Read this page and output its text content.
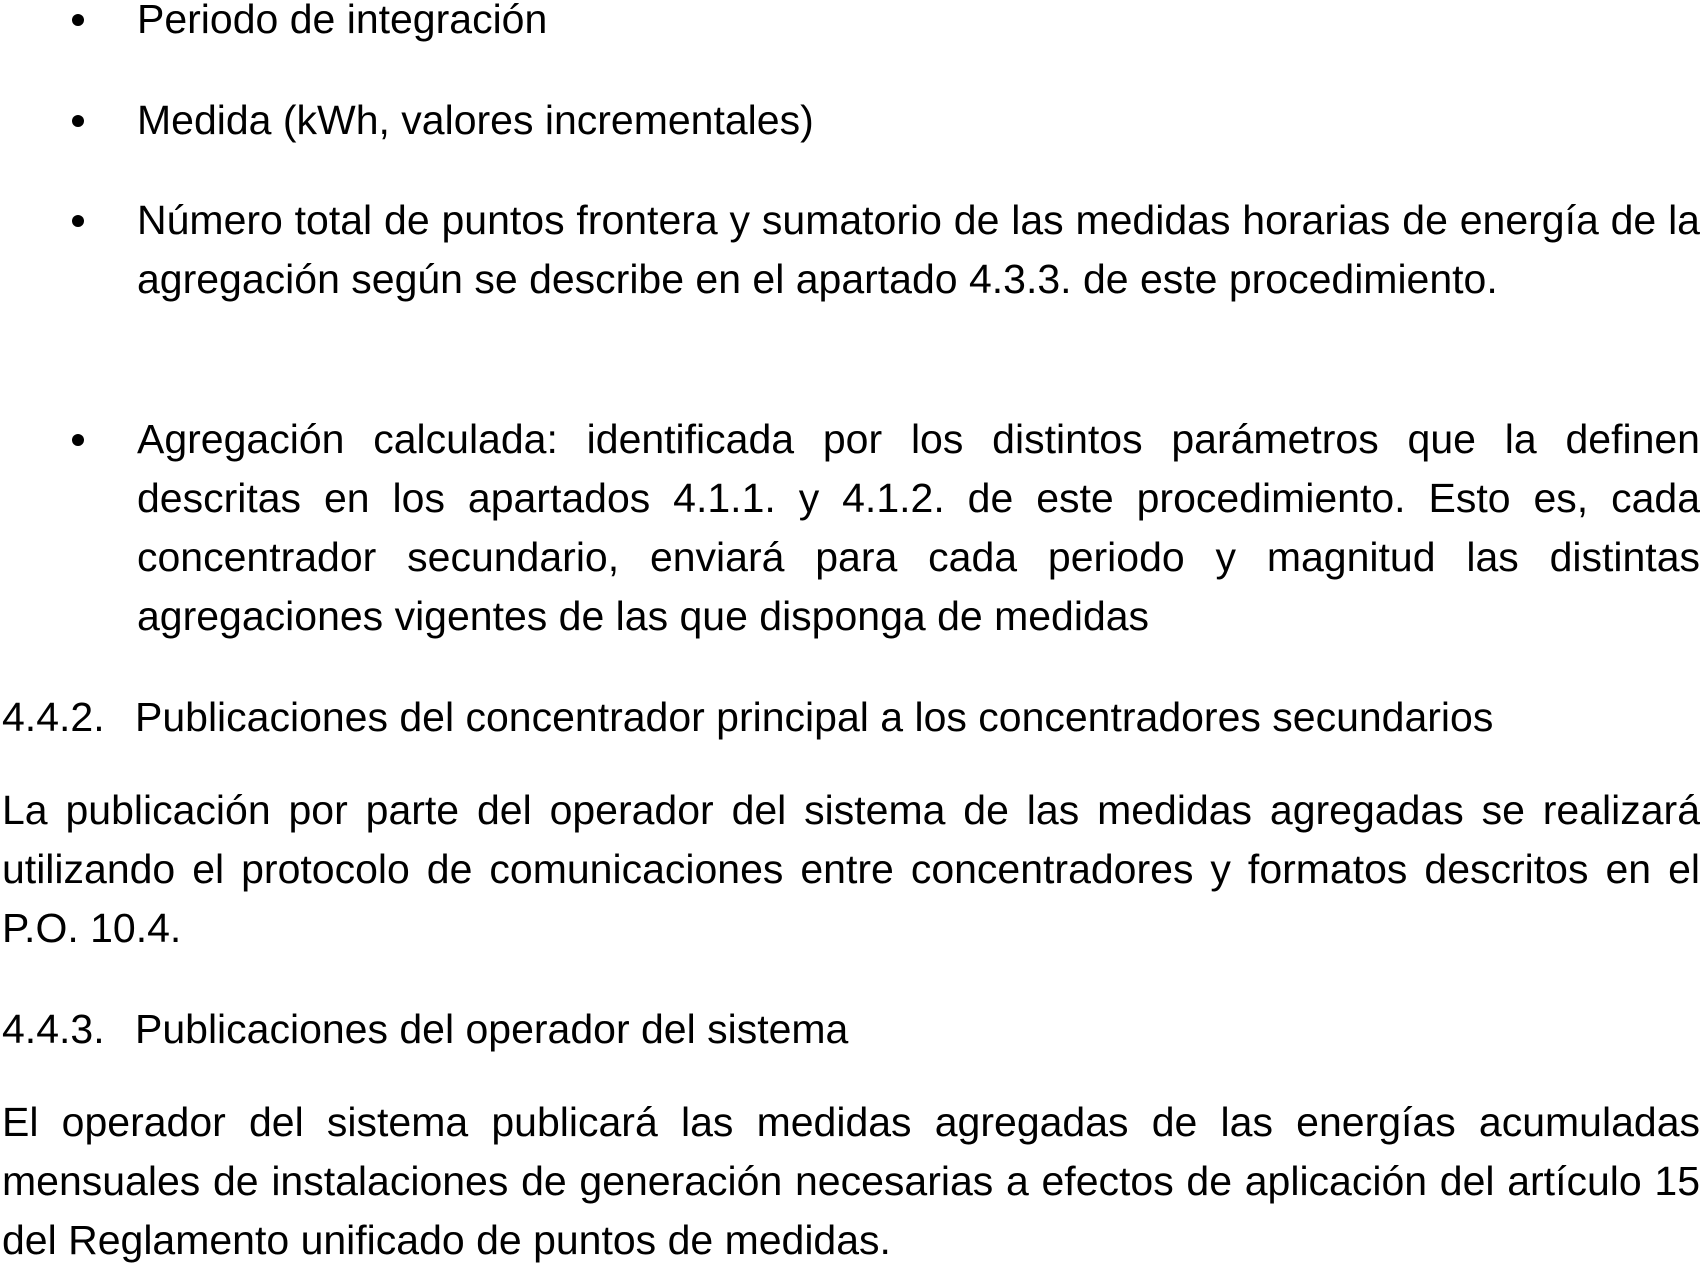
Periodo de integración

Medida (kWh, valores incrementales)

Número total de puntos frontera y sumatorio de las medidas horarias de energía de la agregación según se describe en el apartado 4.3.3. de este procedimiento.

Agregación calculada: identificada por los distintos parámetros que la definen descritas en los apartados 4.1.1. y 4.1.2. de este procedimiento. Esto es, cada concentrador secundario, enviará para cada periodo y magnitud las distintas agregaciones vigentes de las que disponga de medidas

4.4.2. Publicaciones del concentrador principal a los concentradores secundarios

La publicación por parte del operador del sistema de las medidas agregadas se realizará utilizando el protocolo de comunicaciones entre concentradores y formatos descritos en el P.O. 10.4.

4.4.3. Publicaciones del operador del sistema

El operador del sistema publicará las medidas agregadas de las energías acumuladas mensuales de instalaciones de generación necesarias a efectos de aplicación del artículo 15 del Reglamento unificado de puntos de medidas.
